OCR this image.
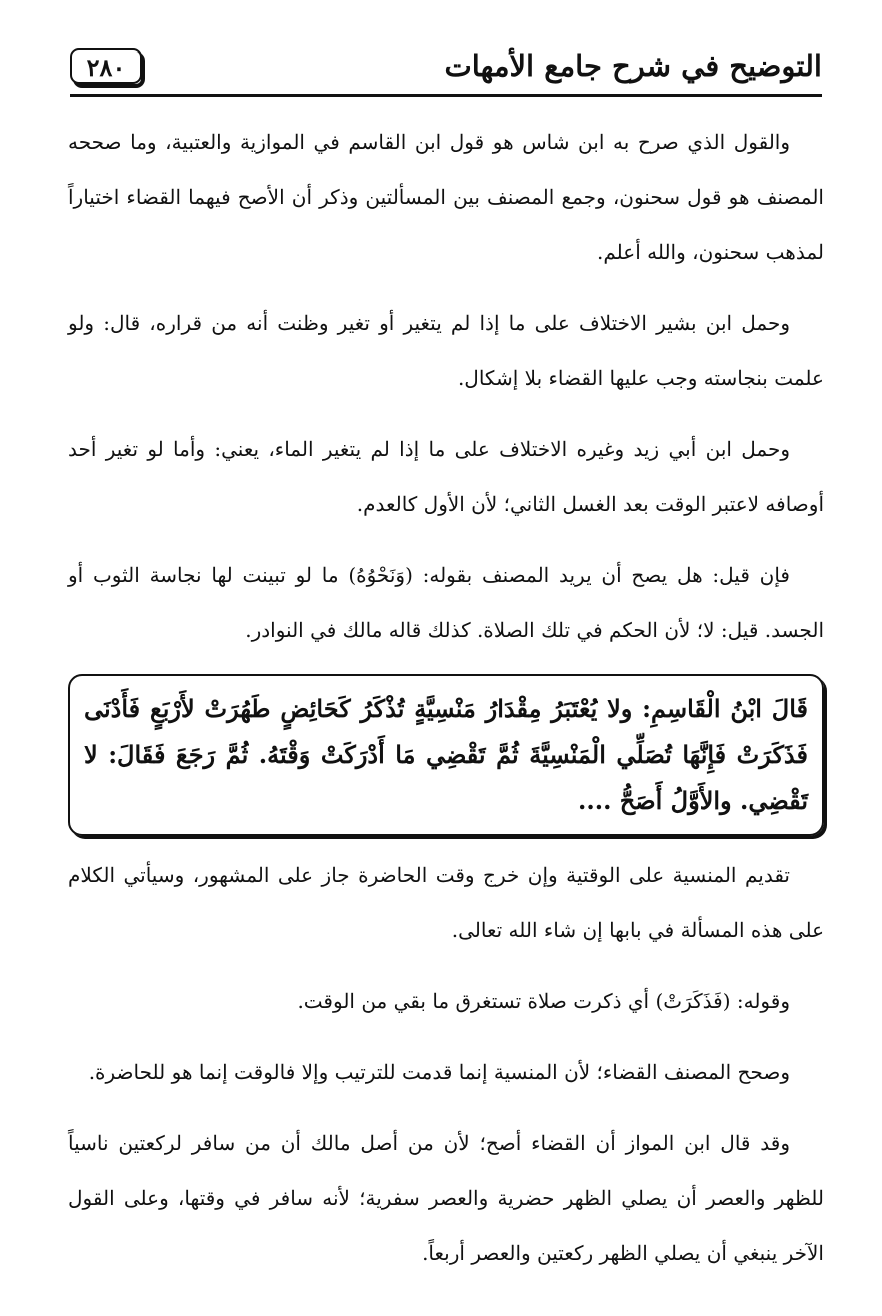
التوضيح في شرح جامع الأمهات
٢٨٠

والقول الذي صرح به ابن شاس هو قول ابن القاسم في الموازية والعتبية، وما صححه المصنف هو قول سحنون، وجمع المصنف بين المسألتين وذكر أن الأصح فيهما القضاء اختياراً لمذهب سحنون، والله أعلم.

وحمل ابن بشير الاختلاف على ما إذا لم يتغير أو تغير وظنت أنه من قراره، قال: ولو علمت بنجاسته وجب عليها القضاء بلا إشكال.

وحمل ابن أبي زيد وغيره الاختلاف على ما إذا لم يتغير الماء، يعني: وأما لو تغير أحد أوصافه لاعتبر الوقت بعد الغسل الثاني؛ لأن الأول كالعدم.

فإن قيل: هل يصح أن يريد المصنف بقوله: (وَنَحْوُهُ) ما لو تبينت لها نجاسة الثوب أو الجسد. قيل: لا؛ لأن الحكم في تلك الصلاة. كذلك قاله مالك في النوادر.

قَالَ ابْنُ الْقَاسِمِ: ولا يُعْتَبَرُ مِقْدَارُ مَنْسِيَّةٍ تُذْكَرُ كَحَائِضٍ طَهُرَتْ لأَرْبَعٍ فَأَدْنَى فَذَكَرَتْ فَإِنَّهَا تُصَلِّي الْمَنْسِيَّةَ ثُمَّ تَقْضِي مَا أَدْرَكَتْ وَقْتَهُ. ثُمَّ رَجَعَ فَقَالَ: لا تَقْضِي. والأَوَّلُ أَصَحُّ ....

تقديم المنسية على الوقتية وإن خرج وقت الحاضرة جاز على المشهور، وسيأتي الكلام على هذه المسألة في بابها إن شاء الله تعالى.

وقوله: (فَذَكَرَتْ) أي ذكرت صلاة تستغرق ما بقي من الوقت.

وصحح المصنف القضاء؛ لأن المنسية إنما قدمت للترتيب وإلا فالوقت إنما هو للحاضرة.

وقد قال ابن المواز أن القضاء أصح؛ لأن من أصل مالك أن من سافر لركعتين ناسياً للظهر والعصر أن يصلي الظهر حضرية والعصر سفرية؛ لأنه سافر في وقتها، وعلى القول الآخر ينبغي أن يصلي الظهر ركعتين والعصر أربعاً.
